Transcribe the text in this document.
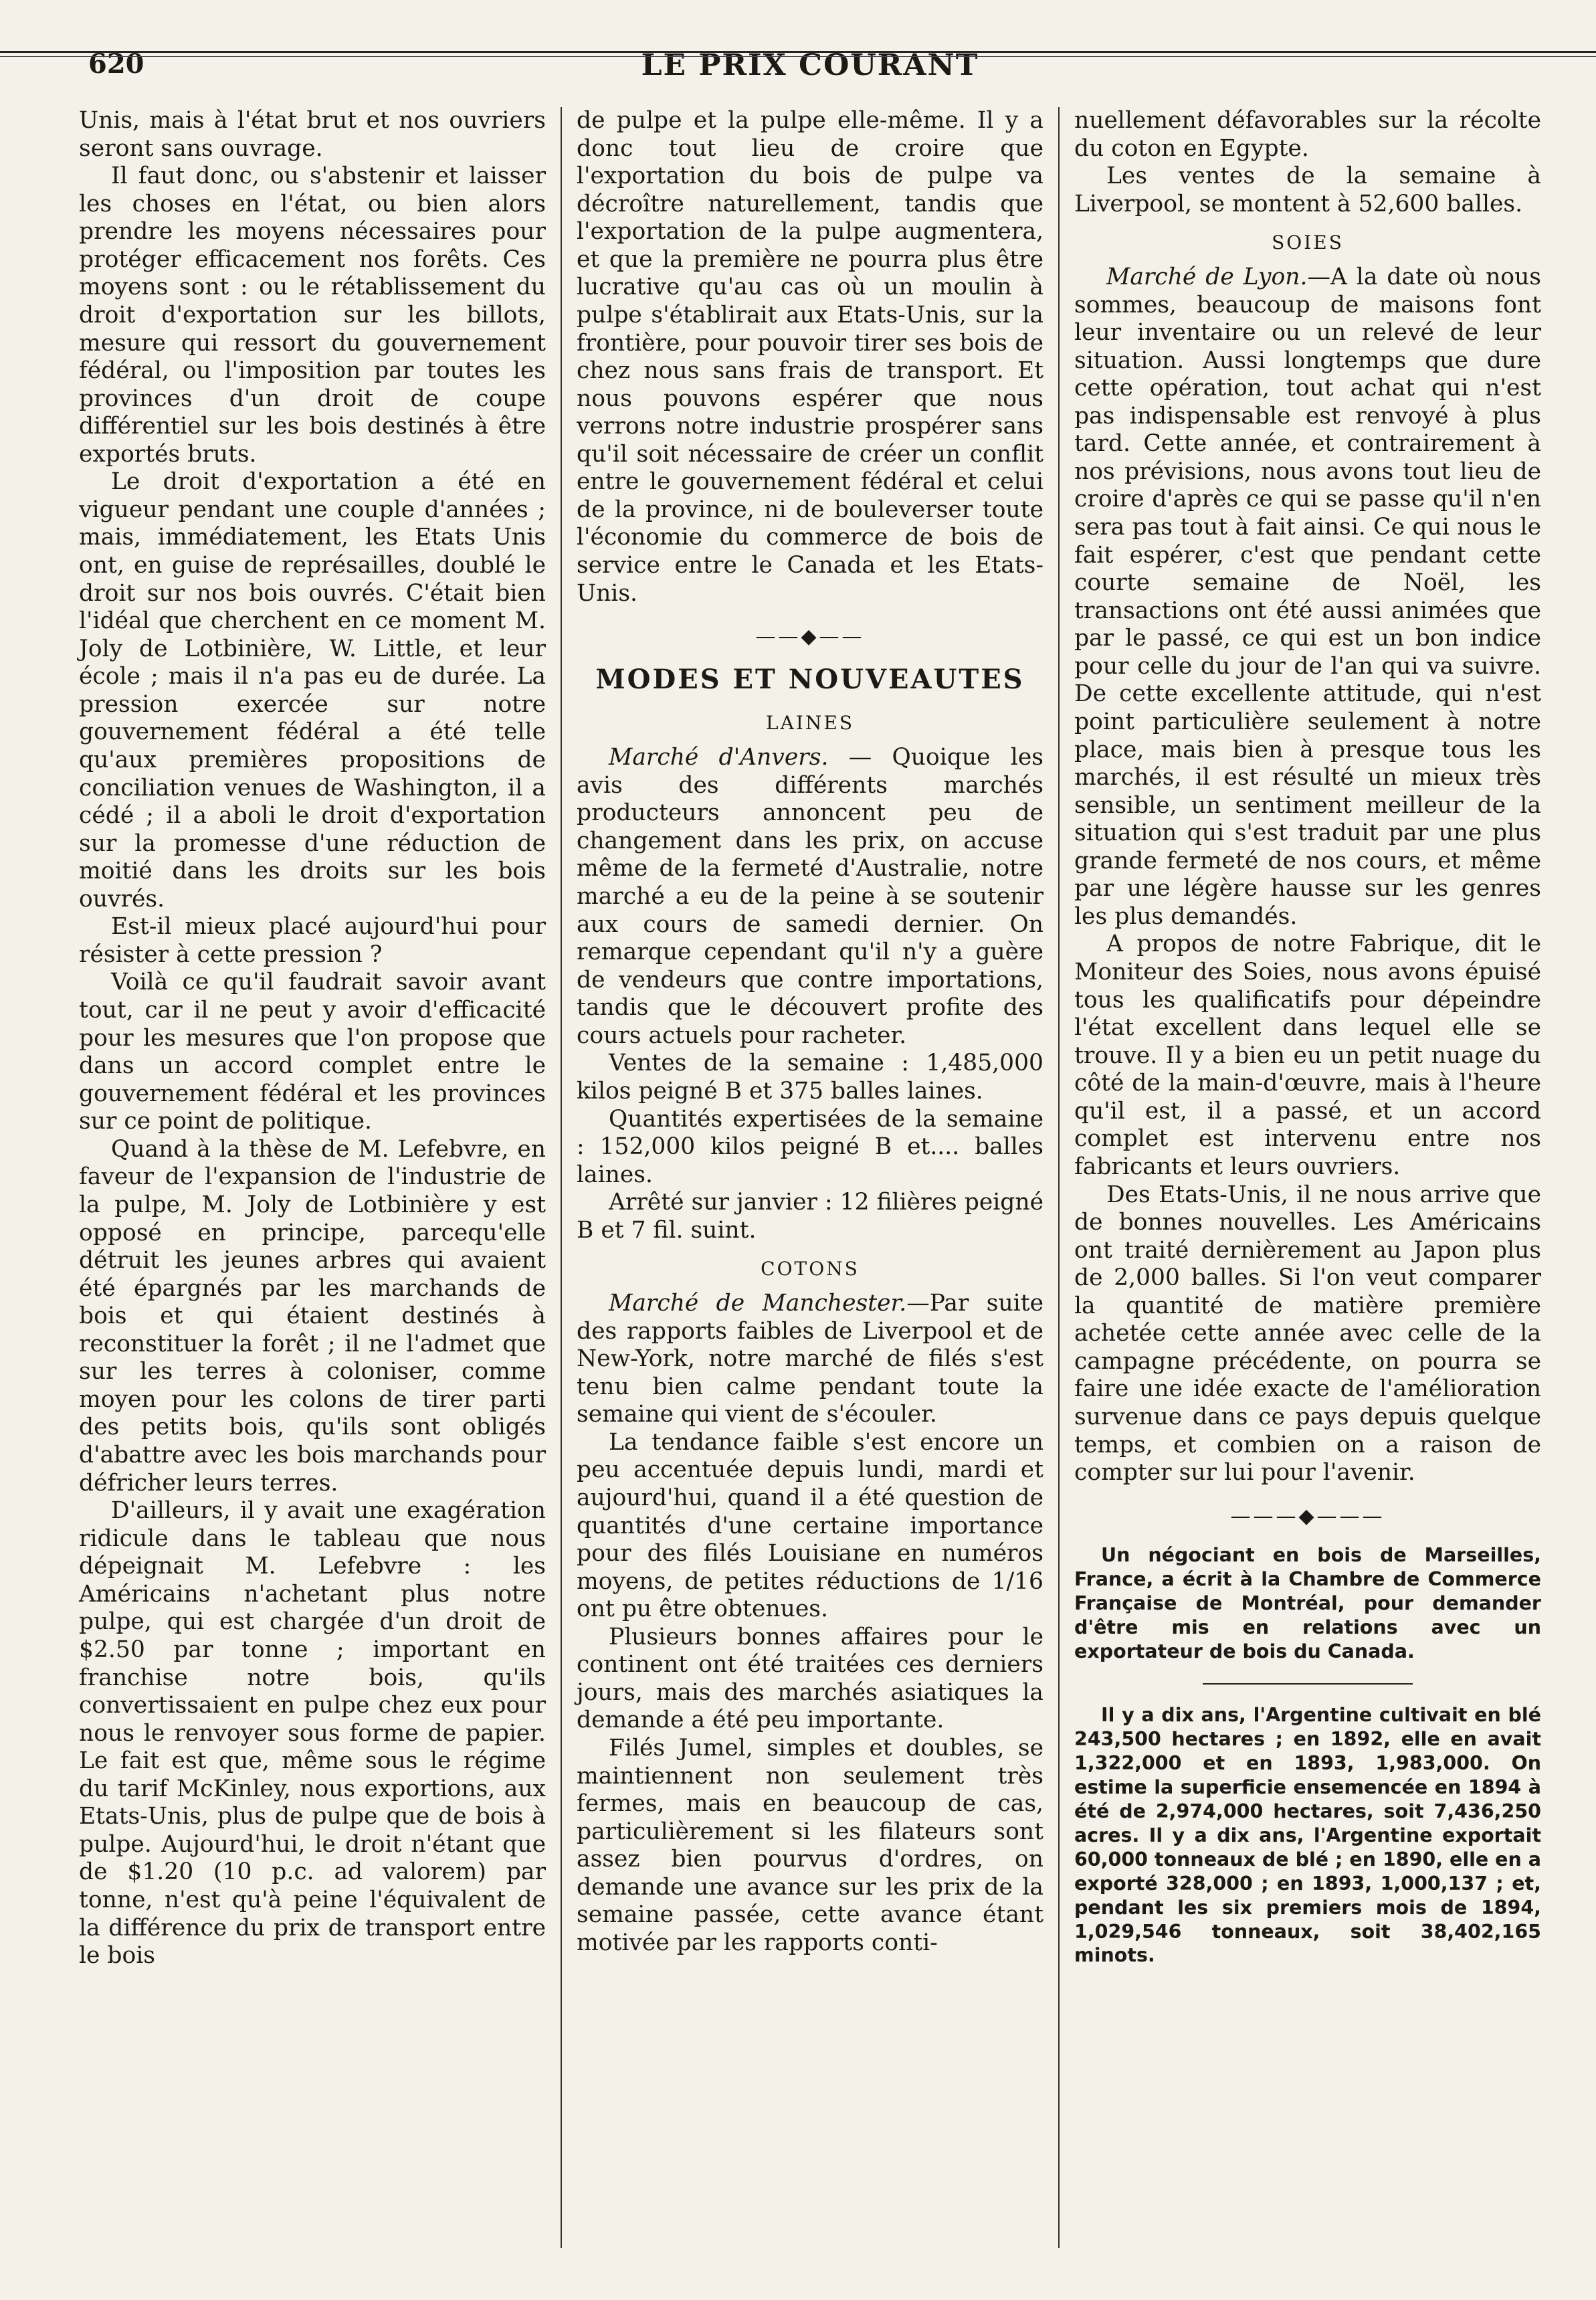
620	LE PRIX COURANT

Unis, mais à l'état brut et nos ouvriers seront sans ouvrage.

Il faut donc, ou s'abstenir et laisser les choses en l'état, ou bien alors prendre les moyens nécessaires pour protéger efficacement nos forêts. Ces moyens sont : ou le rétablissement du droit d'exportation sur les billots, mesure qui ressort du gouvernement fédéral, ou l'imposition par toutes les provinces d'un droit de coupe différentiel sur les bois destinés à être exportés bruts.

Le droit d'exportation a été en vigueur pendant une couple d'années ; mais, immédiatement, les Etats Unis ont, en guise de représailles, doublé le droit sur nos bois ouvrés. C'était bien l'idéal que cherchent en ce moment M. Joly de Lotbinière, W. Little, et leur école ; mais il n'a pas eu de durée. La pression exercée sur notre gouvernement fédéral a été telle qu'aux premières propositions de conciliation venues de Washington, il a cédé ; il a aboli le droit d'exportation sur la promesse d'une réduction de moitié dans les droits sur les bois ouvrés.

Est-il mieux placé aujourd'hui pour résister à cette pression ?

Voilà ce qu'il faudrait savoir avant tout, car il ne peut y avoir d'efficacité pour les mesures que l'on propose que dans un accord complet entre le gouvernement fédéral et les provinces sur ce point de politique.

Quand à la thèse de M. Lefebvre, en faveur de l'expansion de l'industrie de la pulpe, M. Joly de Lotbinière y est opposé en principe, parcequ'elle détruit les jeunes arbres qui avaient été épargnés par les marchands de bois et qui étaient destinés à reconstituer la forêt ; il ne l'admet que sur les terres à coloniser, comme moyen pour les colons de tirer parti des petits bois, qu'ils sont obligés d'abattre avec les bois marchands pour défricher leurs terres.

D'ailleurs, il y avait une exagération ridicule dans le tableau que nous dépeignait M. Lefebvre : les Américains n'achetant plus notre pulpe, qui est chargée d'un droit de $2.50 par tonne ; important en franchise notre bois, qu'ils convertissaient en pulpe chez eux pour nous le renvoyer sous forme de papier. Le fait est que, même sous le régime du tarif McKinley, nous exportions, aux Etats-Unis, plus de pulpe que de bois à pulpe. Aujourd'hui, le droit n'étant que de $1.20 (10 p.c. ad valorem) par tonne, n'est qu'à peine l'équivalent de la différence du prix de transport entre le bois

de pulpe et la pulpe elle-même. Il y a donc tout lieu de croire que l'exportation du bois de pulpe va décroître naturellement, tandis que l'exportation de la pulpe augmentera, et que la première ne pourra plus être lucrative qu'au cas où un moulin à pulpe s'établirait aux Etats-Unis, sur la frontière, pour pouvoir tirer ses bois de chez nous sans frais de transport. Et nous pouvons espérer que nous verrons notre industrie prospérer sans qu'il soit nécessaire de créer un conflit entre le gouvernement fédéral et celui de la province, ni de bouleverser toute l'économie du commerce de bois de service entre le Canada et les Etats-Unis.

——◆——
MODES ET NOUVEAUTES
LAINES

Marché d'Anvers. — Quoique les avis des différents marchés producteurs annoncent peu de changement dans les prix, on accuse même de la fermeté d'Australie, notre marché a eu de la peine à se soutenir aux cours de samedi dernier. On remarque cependant qu'il n'y a guère de vendeurs que contre importations, tandis que le découvert profite des cours actuels pour racheter.

Ventes de la semaine : 1,485,000 kilos peigné B et 375 balles laines.

Quantités expertisées de la semaine : 152,000 kilos peigné B et.... balles laines.

Arrêté sur janvier : 12 filières peigné B et 7 fil. suint.

COTONS

Marché de Manchester.—Par suite des rapports faibles de Liverpool et de New-York, notre marché de filés s'est tenu bien calme pendant toute la semaine qui vient de s'écouler.

La tendance faible s'est encore un peu accentuée depuis lundi, mardi et aujourd'hui, quand il a été question de quantités d'une certaine importance pour des filés Louisiane en numéros moyens, de petites réductions de 1/16 ont pu être obtenues.

Plusieurs bonnes affaires pour le continent ont été traitées ces derniers jours, mais des marchés asiatiques la demande a été peu importante.

Filés Jumel, simples et doubles, se maintiennent non seulement très fermes, mais en beaucoup de cas, particulièrement si les filateurs sont assez bien pourvus d'ordres, on demande une avance sur les prix de la semaine passée, cette avance étant motivée par les rapports conti-

nuellement défavorables sur la récolte du coton en Egypte.

Les ventes de la semaine à Liverpool, se montent à 52,600 balles.

SOIES

Marché de Lyon.—A la date où nous sommes, beaucoup de maisons font leur inventaire ou un relevé de leur situation. Aussi longtemps que dure cette opération, tout achat qui n'est pas indispensable est renvoyé à plus tard. Cette année, et contrairement à nos prévisions, nous avons tout lieu de croire d'après ce qui se passe qu'il n'en sera pas tout à fait ainsi. Ce qui nous le fait espérer, c'est que pendant cette courte semaine de Noël, les transactions ont été aussi animées que par le passé, ce qui est un bon indice pour celle du jour de l'an qui va suivre. De cette excellente attitude, qui n'est point particulière seulement à notre place, mais bien à presque tous les marchés, il est résulté un mieux très sensible, un sentiment meilleur de la situation qui s'est traduit par une plus grande fermeté de nos cours, et même par une légère hausse sur les genres les plus demandés.

A propos de notre Fabrique, dit le Moniteur des Soies, nous avons épuisé tous les qualificatifs pour dépeindre l'état excellent dans lequel elle se trouve. Il y a bien eu un petit nuage du côté de la main-d'œuvre, mais à l'heure qu'il est, il a passé, et un accord complet est intervenu entre nos fabricants et leurs ouvriers.

Des Etats-Unis, il ne nous arrive que de bonnes nouvelles. Les Américains ont traité dernièrement au Japon plus de 2,000 balles. Si l'on veut comparer la quantité de matière première achetée cette année avec celle de la campagne précédente, on pourra se faire une idée exacte de l'amélioration survenue dans ce pays depuis quelque temps, et combien on a raison de compter sur lui pour l'avenir.

———◆———

Un négociant en bois de Marseilles, France, a écrit à la Chambre de Commerce Française de Montréal, pour demander d'être mis en relations avec un exportateur de bois du Canada.

Il y a dix ans, l'Argentine cultivait en blé 243,500 hectares ; en 1892, elle en avait 1,322,000 et en 1893, 1,983,000. On estime la superficie ensemencée en 1894 à été de 2,974,000 hectares, soit 7,436,250 acres. Il y a dix ans, l'Argentine exportait 60,000 tonneaux de blé ; en 1890, elle en a exporté 328,000 ; en 1893, 1,000,137 ; et, pendant les six premiers mois de 1894, 1,029,546 tonneaux, soit 38,402,165 minots.
